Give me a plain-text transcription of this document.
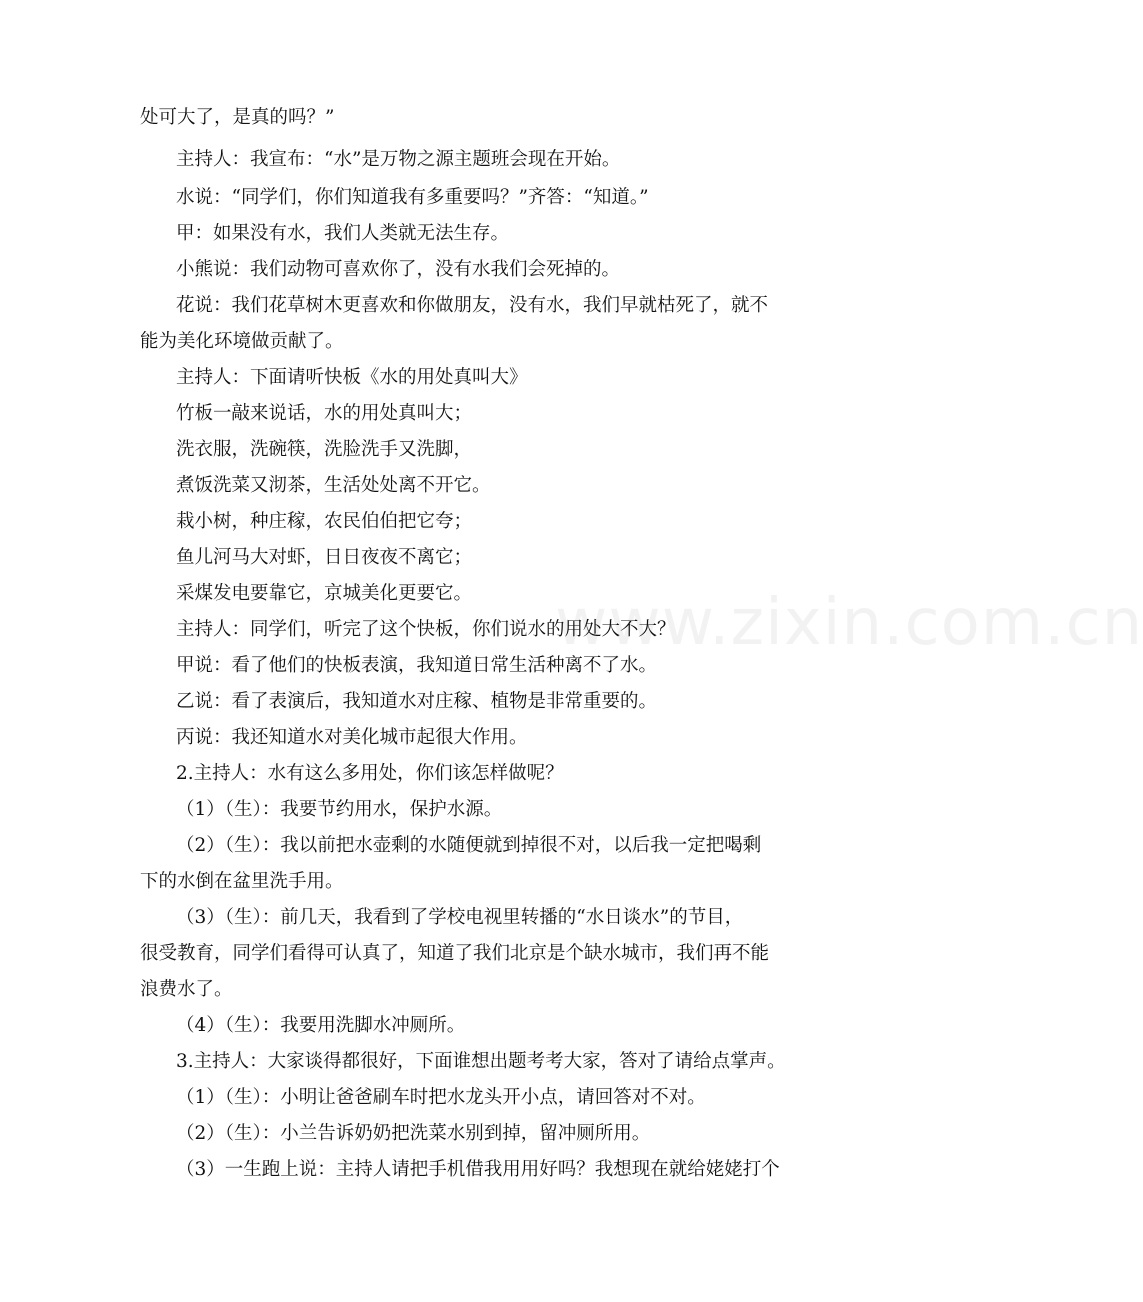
www.zixin.com.cn
处可大了，是真的吗？”
主持人：我宣布：“水”是万物之源主题班会现在开始。
水说：“同学们，你们知道我有多重要吗？”齐答：“知道。”
甲：如果没有水，我们人类就无法生存。
小熊说：我们动物可喜欢你了，没有水我们会死掉的。
花说：我们花草树木更喜欢和你做朋友，没有水，我们早就枯死了，就不
能为美化环境做贡献了。
主持人：下面请听快板《水的用处真叫大》
竹板一敲来说话，水的用处真叫大；
洗衣服，洗碗筷，洗脸洗手又洗脚，
煮饭洗菜又沏茶，生活处处离不开它。
栽小树，种庄稼，农民伯伯把它夸；
鱼儿河马大对虾，日日夜夜不离它；
采煤发电要靠它，京城美化更要它。
主持人：同学们，听完了这个快板，你们说水的用处大不大？
甲说：看了他们的快板表演，我知道日常生活种离不了水。
乙说：看了表演后，我知道水对庄稼、植物是非常重要的。
丙说：我还知道水对美化城市起很大作用。
2.主持人：水有这么多用处，你们该怎样做呢？
（1）（生）：我要节约用水，保护水源。
（2）（生）：我以前把水壶剩的水随便就到掉很不对，以后我一定把喝剩
下的水倒在盆里洗手用。
（3）（生）：前几天，我看到了学校电视里转播的“水日谈水”的节目，
很受教育，同学们看得可认真了，知道了我们北京是个缺水城市，我们再不能
浪费水了。
（4）（生）：我要用洗脚水冲厕所。
3.主持人：大家谈得都很好，下面谁想出题考考大家，答对了请给点掌声。
（1）（生）：小明让爸爸刷车时把水龙头开小点，请回答对不对。
（2）（生）：小兰告诉奶奶把洗菜水别到掉，留冲厕所用。
（3）一生跑上说：主持人请把手机借我用用好吗？我想现在就给姥姥打个
